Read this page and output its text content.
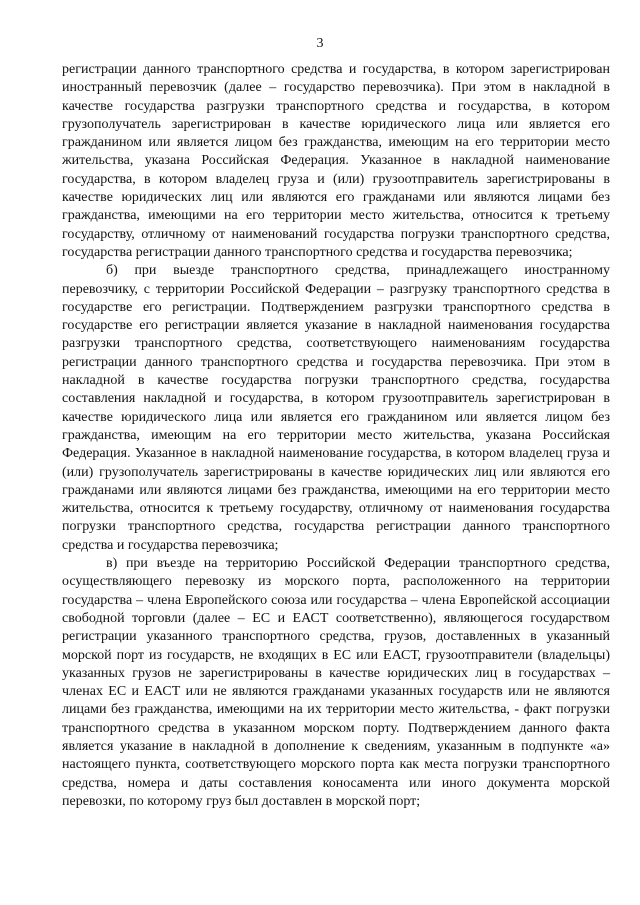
3

регистрации данного транспортного средства и государства, в котором зарегистрирован иностранный перевозчик (далее – государство перевозчика). При этом в накладной в качестве государства разгрузки транспортного средства и государства, в котором грузополучатель зарегистрирован в качестве юридического лица или является его гражданином или является лицом без гражданства, имеющим на его территории место жительства, указана Российская Федерация. Указанное в накладной наименование государства, в котором владелец груза и (или) грузоотправитель зарегистрированы в качестве юридических лиц или являются его гражданами или являются лицами без гражданства, имеющими на его территории место жительства, относится к третьему государству, отличному от наименований государства погрузки транспортного средства, государства регистрации данного транспортного средства и государства перевозчика;

б) при выезде транспортного средства, принадлежащего иностранному перевозчику, с территории Российской Федерации – разгрузку транспортного средства в государстве его регистрации. Подтверждением разгрузки транспортного средства в государстве его регистрации является указание в накладной наименования государства разгрузки транспортного средства, соответствующего наименованиям государства регистрации данного транспортного средства и государства перевозчика. При этом в накладной в качестве государства погрузки транспортного средства, государства составления накладной и государства, в котором грузоотправитель зарегистрирован в качестве юридического лица или является его гражданином или является лицом без гражданства, имеющим на его территории место жительства, указана Российская Федерация. Указанное в накладной наименование государства, в котором владелец груза и (или) грузополучатель зарегистрированы в качестве юридических лиц или являются его гражданами или являются лицами без гражданства, имеющими на его территории место жительства, относится к третьему государству, отличному от наименования государства погрузки транспортного средства, государства регистрации данного транспортного средства и государства перевозчика;

в) при въезде на территорию Российской Федерации транспортного средства, осуществляющего перевозку из морского порта, расположенного на территории государства – члена Европейского союза или государства – члена Европейской ассоциации свободной торговли (далее – ЕС и ЕАСТ соответственно), являющегося государством регистрации указанного транспортного средства, грузов, доставленных в указанный морской порт из государств, не входящих в ЕС или ЕАСТ, грузоотправители (владельцы) указанных грузов не зарегистрированы в качестве юридических лиц в государствах – членах ЕС и ЕАСТ или не являются гражданами указанных государств или не являются лицами без гражданства, имеющими на их территории место жительства, - факт погрузки транспортного средства в указанном морском порту. Подтверждением данного факта является указание в накладной в дополнение к сведениям, указанным в подпункте «а» настоящего пункта, соответствующего морского порта как места погрузки транспортного средства, номера и даты составления коносамента или иного документа морской перевозки, по которому груз был доставлен в морской порт;
